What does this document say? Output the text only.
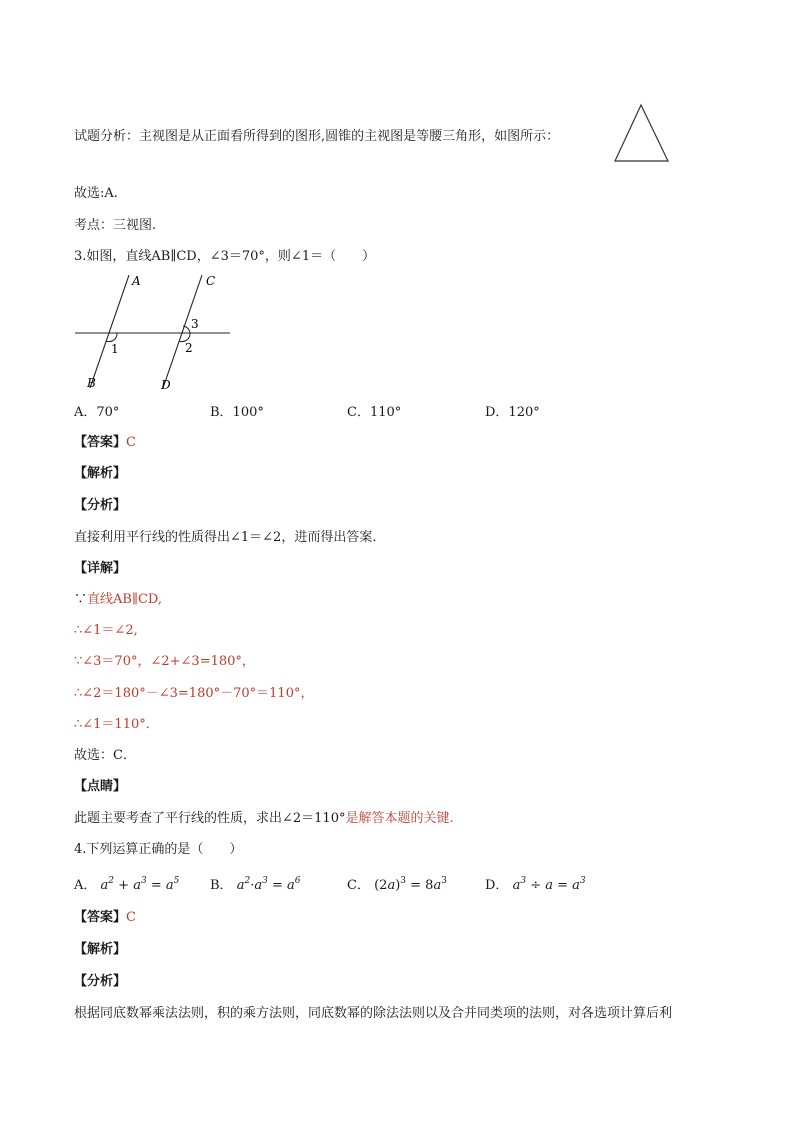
试题分析：主视图是从正面看所得到的图形,圆锥的主视图是等腰三角形，如图所示：
故选:A.
考点：三视图.
3.如图，直线AB∥CD，∠3＝70°，则∠1＝（　　）
A
B
C
D
1	2
3
A．70°	B．100°	C．110°	D．120°
【答案】C
【解析】
【分析】
直接利用平行线的性质得出∠1＝∠2，进而得出答案．
【详解】
∵直线AB∥CD,
∴∠1＝∠2,
∵∠3＝70°，∠2+∠3=180°，
∴∠2＝180°－∠3=180°－70°＝110°，
∴∠1＝110°．
故选：C．
【点睛】
此题主要考查了平行线的性质，求出∠2＝110°是解答本题的关键.
4.下列运算正确的是（　　）
A． $a^2 + a^3 = a^5$ B． $a^2\cdot a^3 = a^6$	C． $(2a)^3 = 8a^3$	D． $a^3 \div a = a^3$
【答案】C
【解析】
【分析】
根据同底数幂乘法法则，积的乘方法则，同底数幂的除法法则以及合并同类项的法则，对各选项计算后利
